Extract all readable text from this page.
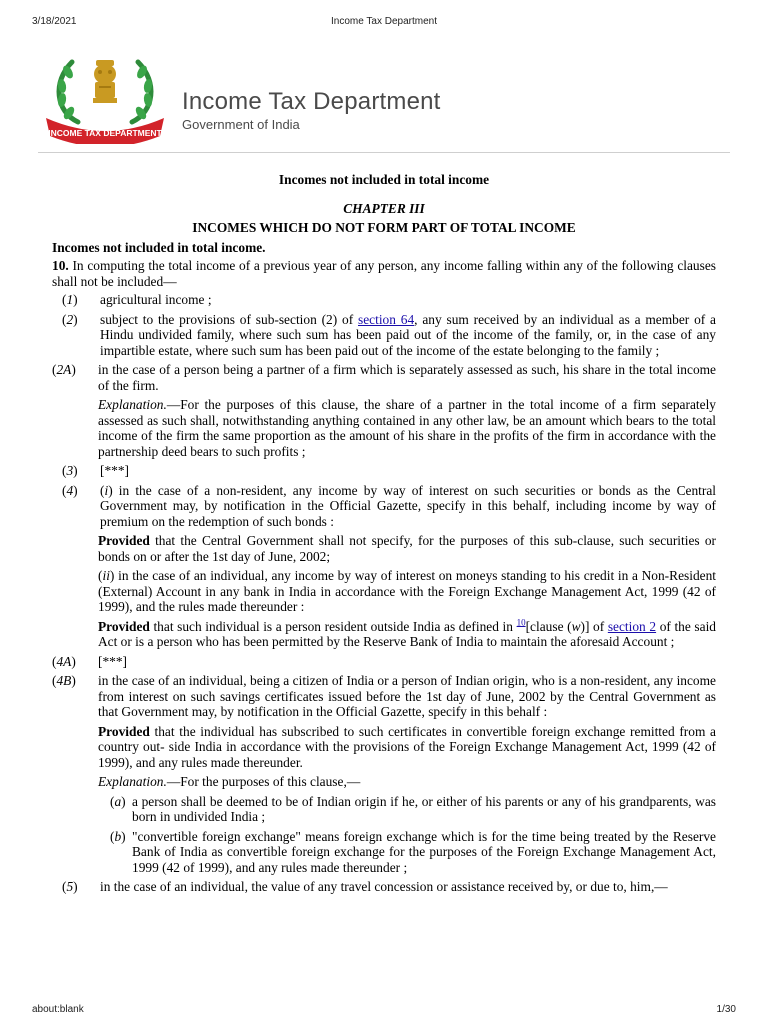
3/18/2021	Income Tax Department
INCOME TAX DEPARTMENT
Income Tax Department
Government of India

Incomes not included in total income

CHAPTER III

INCOMES WHICH DO NOT FORM PART OF TOTAL INCOME

Incomes not included in total income.

10. In computing the total income of a previous year of any person, any income falling within any of the following clauses shall not be included—

(1) agricultural income ;
(2) subject to the provisions of sub-section (2) of section 64, any sum received by an individual as a member of a Hindu undivided family, where such sum has been paid out of the income of the family, or, in the case of any impartible estate, where such sum has been paid out of the income of the estate belonging to the family ;
(2A) in the case of a person being a partner of a firm which is separately assessed as such, his share in the total income of the firm.
Explanation.—For the purposes of this clause, the share of a partner in the total income of a firm separately assessed as such shall, notwithstanding anything contained in any other law, be an amount which bears to the total income of the firm the same proportion as the amount of his share in the profits of the firm in accordance with the partnership deed bears to such profits ;
(3) [***]
(4) (i) in the case of a non-resident, any income by way of interest on such securities or bonds as the Central Government may, by notification in the Official Gazette, specify in this behalf, including income by way of premium on the redemption of such bonds :
Provided that the Central Government shall not specify, for the purposes of this sub-clause, such securities or bonds on or after the 1st day of June, 2002;
(ii) in the case of an individual, any income by way of interest on moneys standing to his credit in a Non-Resident (External) Account in any bank in India in accordance with the Foreign Exchange Management Act, 1999 (42 of 1999), and the rules made thereunder :
Provided that such individual is a person resident outside India as defined in $^{10}$[clause (w)] of section 2 of the said Act or is a person who has been permitted by the Reserve Bank of India to maintain the aforesaid Account ;
(4A) [***]
(4B) in the case of an individual, being a citizen of India or a person of Indian origin, who is a non-resident, any income from interest on such savings certificates issued before the 1st day of June, 2002 by the Central Government as that Government may, by notification in the Official Gazette, specify in this behalf :
Provided that the individual has subscribed to such certificates in convertible foreign exchange remitted from a country out- side India in accordance with the provisions of the Foreign Exchange Management Act, 1999 (42 of 1999), and any rules made thereunder.
Explanation.—For the purposes of this clause,—
(a) a person shall be deemed to be of Indian origin if he, or either of his parents or any of his grandparents, was born in undivided India ;
(b) "convertible foreign exchange" means foreign exchange which is for the time being treated by the Reserve Bank of India as convertible foreign exchange for the purposes of the Foreign Exchange Management Act, 1999 (42 of 1999), and any rules made thereunder ;
(5) in the case of an individual, the value of any travel concession or assistance received by, or due to, him,—
about:blank	1/30
